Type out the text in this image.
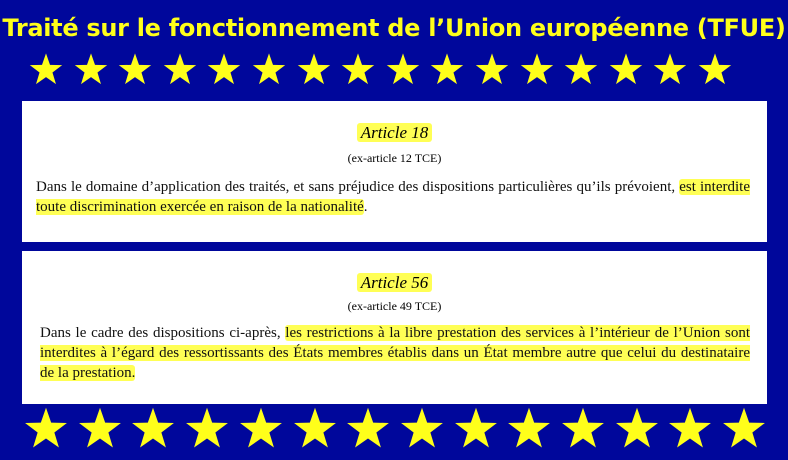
Traité sur le fonctionnement de l’Union européenne (TFUE)
Article 18
(ex-article 12 TCE)
Dans le domaine d’application des traités, et sans préjudice des dispositions particulières qu’ils prévoient, est interdite toute discrimination exercée en raison de la nationalité.
Article 56
(ex-article 49 TCE)
Dans le cadre des dispositions ci-après, les restrictions à la libre prestation des services à l’intérieur de l’Union sont interdites à l’égard des ressortissants des États membres établis dans un État membre autre que celui du destinataire de la prestation.
